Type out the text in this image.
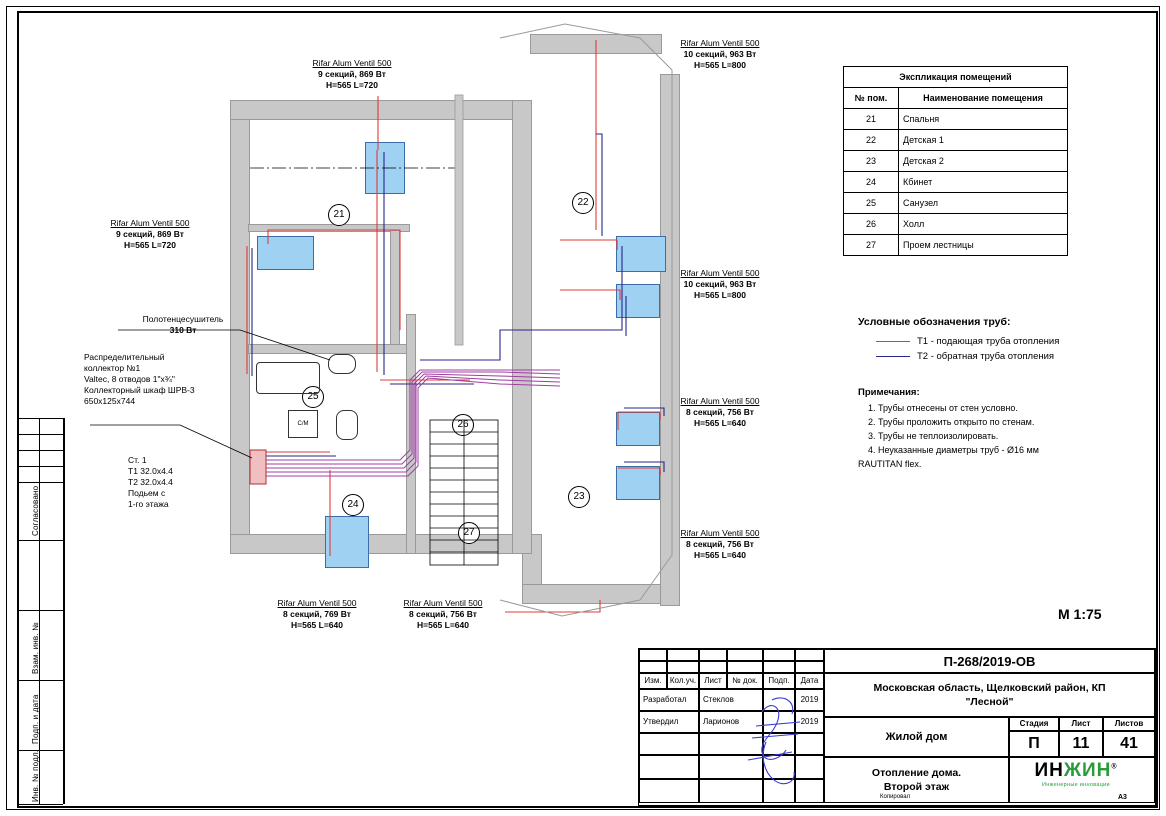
Согласовано
Взам. инв. №
Подп. и дата
Инв. № подл.
21
22
23
24
25
26
27
С/М
Rifar Alum Ventil 500
9 секций, 869 Вт
H=565 L=720
Rifar Alum Ventil 500
10 секций, 963 Вт
H=565 L=800
Rifar Alum Ventil 500
9 секций, 869 Вт
H=565 L=720
Rifar Alum Ventil 500
10 секций, 963 Вт
H=565 L=800
Rifar Alum Ventil 500
8 секций, 756 Вт
H=565 L=640
Rifar Alum Ventil 500
8 секций, 756 Вт
H=565 L=640
Rifar Alum Ventil 500
8 секций, 769 Вт
H=565 L=640
Rifar Alum Ventil 500
8 секций, 756 Вт
H=565 L=640
Полотенцесушитель
310 Вт
Распределительный
коллектор №1
Valtec, 8 отводов 1"х¾"
Коллекторный шкаф ШРВ-3
650х125х744
Ст. 1
Т1 32.0х4.4
Т2 32.0х4.4
Подьем с
1-го этажа
Экспликация помещений	
№ пом.	Наименование помещения
21	Спальня
22	Детская 1
23	Детская 2
24	Кбинет
25	Санузел
26	Холл
27	Проем лестницы
Условные обозначения труб:
Т1 - подающая труба отопления
Т2 - обратная труба отопления
Примечания:
1. Трубы отнесены от стен условно.
2. Трубы проложить открыто по стенам.
3. Трубы не теплоизолировать.
4. Неуказанные диаметры труб - Ø16 мм
RAUTITAN flex.
М 1:75
П-268/2019-ОВ
Московская область, Щелковский район, КП
"Лесной"
Изм.	Кол.уч.	Лист	№ док.	Подп.	Дата
Разработал	Стеклов	2019
Утвердил	Ларионов	2019
Жилой дом
Стадия	Лист	Листов
П	11	41
Отопление дома.
Второй этаж
ИНЖИН®
Инженерные инновации
Копировал	А3
